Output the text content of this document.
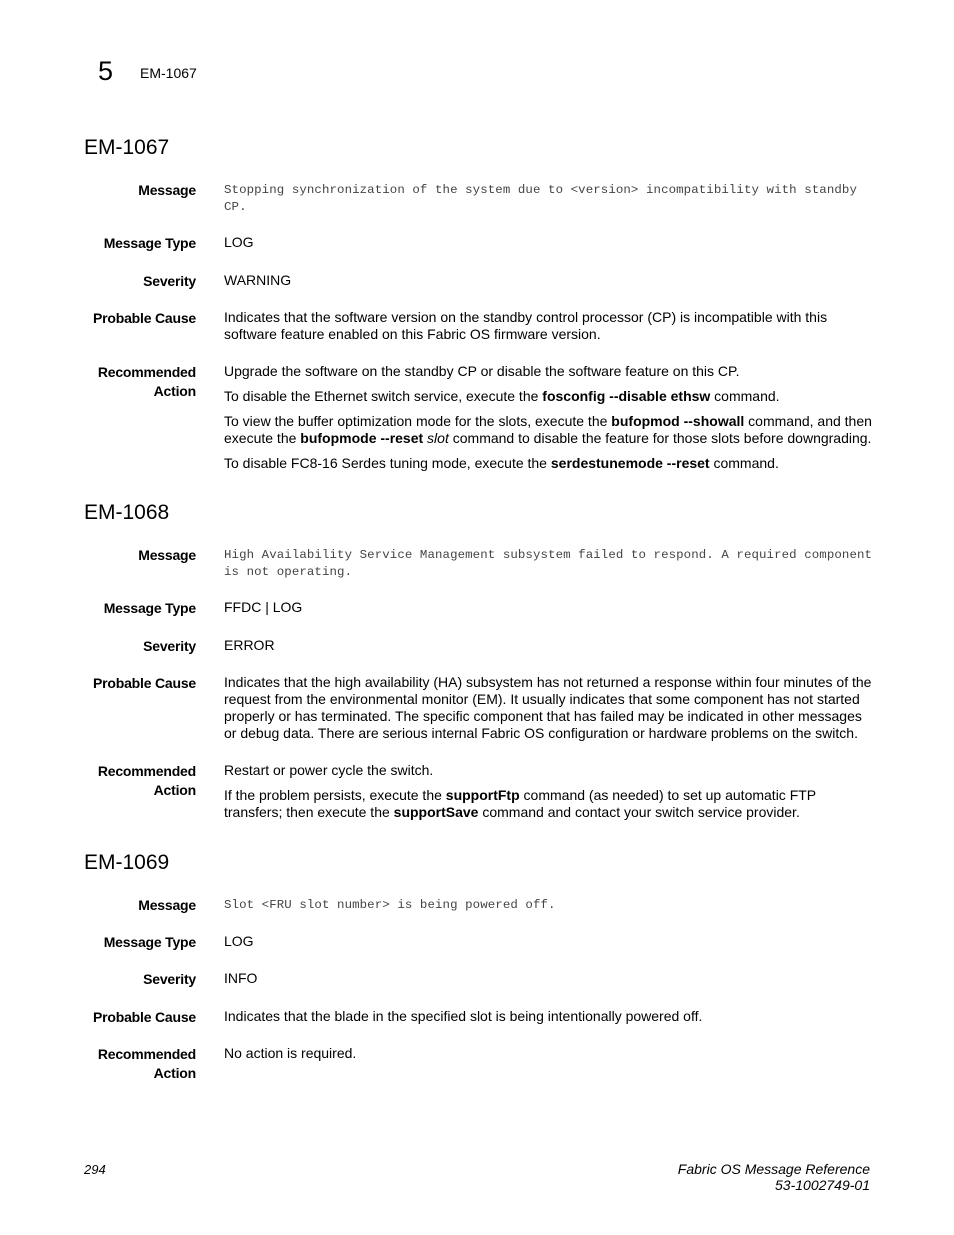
5 EM-1067
EM-1067
Message Stopping synchronization of the system due to <version> incompatibility with standby CP.
Message Type LOG
Severity WARNING
Probable Cause Indicates that the software version on the standby control processor (CP) is incompatible with this software feature enabled on this Fabric OS firmware version.
Recommended
Action

Upgrade the software on the standby CP or disable the software feature on this CP.

To disable the Ethernet switch service, execute the fosconfig --disable ethsw command.

To view the buffer optimization mode for the slots, execute the bufopmod --showall command, and then execute the bufopmode --reset slot command to disable the feature for those slots before downgrading.

To disable FC8-16 Serdes tuning mode, execute the serdestunemode --reset command.

EM-1068
Message High Availability Service Management subsystem failed to respond. A required component is not operating.
Message Type FFDC | LOG
Severity ERROR
Probable Cause Indicates that the high availability (HA) subsystem has not returned a response within four minutes of the request from the environmental monitor (EM). It usually indicates that some component has not started properly or has terminated. The specific component that has failed may be indicated in other messages or debug data. There are serious internal Fabric OS configuration or hardware problems on the switch.
Recommended
Action

Restart or power cycle the switch.

If the problem persists, execute the supportFtp command (as needed) to set up automatic FTP transfers; then execute the supportSave command and contact your switch service provider.

EM-1069
Message Slot <FRU slot number> is being powered off.
Message Type LOG
Severity INFO
Probable Cause Indicates that the blade in the specified slot is being intentionally powered off.
Recommended
Action

No action is required.

294	Fabric OS Message Reference
53-1002749-01
